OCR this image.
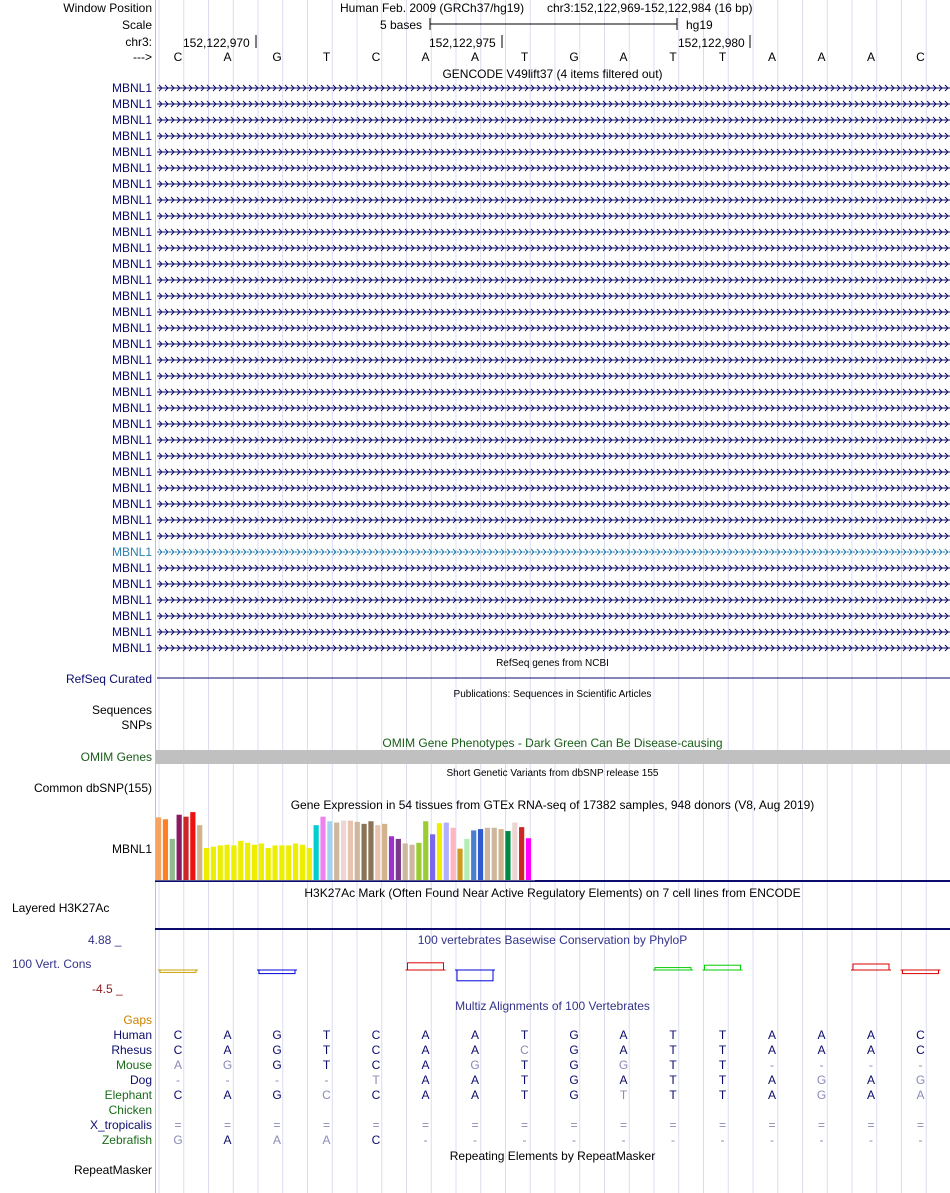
Window Position	Human Feb. 2009 (GRCh37/hg19) chr3:152,122,969-152,122,984 (16 bp)
Scale	5 bases	hg19
chr3:	152,122,970	152,122,975	152,122,980
--->	C	A	G	T	C	A	A	T	G	A	T	T	A	A	A	C
GENCODE V49lift37 (4 items filtered out)
MBNL1
MBNL1
MBNL1
MBNL1
MBNL1
MBNL1
MBNL1
MBNL1
MBNL1
MBNL1
MBNL1
MBNL1
MBNL1
MBNL1
MBNL1
MBNL1
MBNL1
MBNL1
MBNL1
MBNL1
MBNL1
MBNL1
MBNL1
MBNL1
MBNL1
MBNL1
MBNL1
MBNL1
MBNL1
MBNL1
MBNL1
MBNL1
MBNL1
MBNL1
MBNL1
MBNL1
RefSeq genes from NCBI
RefSeq Curated
Publications: Sequences in Scientific Articles
Sequences
SNPs
OMIM Gene Phenotypes - Dark Green Can Be Disease-causing
OMIM Genes
Short Genetic Variants from dbSNP release 155
Common dbSNP(155)
Gene Expression in 54 tissues from GTEx RNA-seq of 17382 samples, 948 donors (V8, Aug 2019)
MBNL1
H3K27Ac Mark (Often Found Near Active Regulatory Elements) on 7 cell lines from ENCODE
Layered H3K27Ac
100 vertebrates Basewise Conservation by PhyloP
4.88 _
100 Vert. Cons
-4.5 _
Multiz Alignments of 100 Vertebrates
Gaps
Human	C	A	G	T	C	A	A	T	G	A	T	T	A	A	A	C
Rhesus	C	A	G	T	C	A	A	C	G	A	T	T	A	A	A	C
Mouse	A	G	G	T	C	A	G	T	G	G	T	T	-	-	-	-
Dog	-	-	-	-	T	A	A	T	G	A	T	T	A	G	A	G
Elephant	C	A	G	C	C	A	A	T	G	T	T	T	A	G	A	A
Chicken
X_tropicalis	=	=	=	=	=	=	=	=	=	=	=	=	=	=	=	=
Zebrafish	G	A	A	A	C	-	-	-	-	-	-	-	-	-	-	-
Repeating Elements by RepeatMasker
RepeatMasker
